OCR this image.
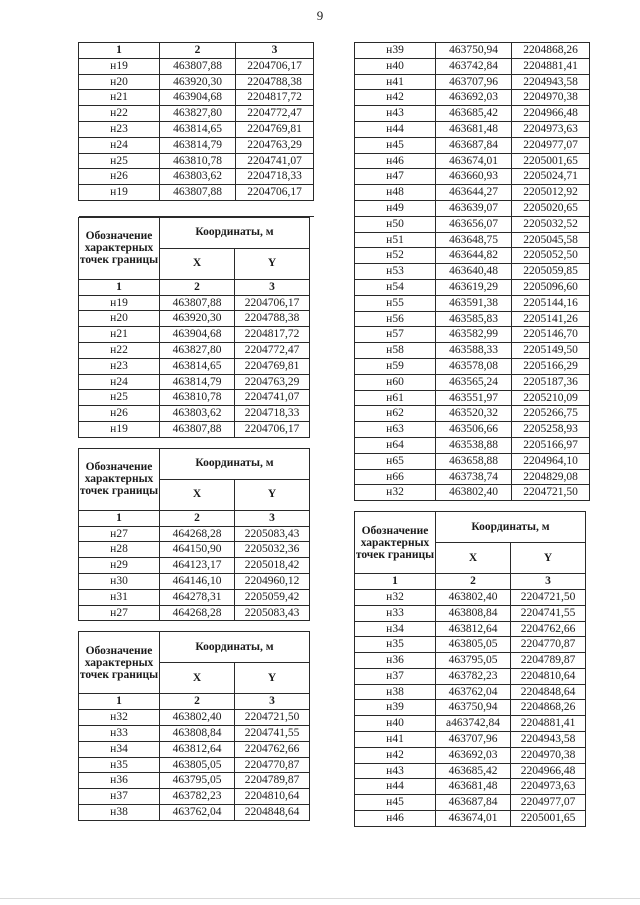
9
1	2	3
н19	463807,88	2204706,17
н20	463920,30	2204788,38
н21	463904,68	2204817,72
н22	463827,80	2204772,47
н23	463814,65	2204769,81
н24	463814,79	2204763,29
н25	463810,78	2204741,07
н26	463803,62	2204718,33
н19	463807,88	2204706,17

Обозначение характерных точек границы	Координаты, м	
	X	Y
1	2	3
н19	463807,88	2204706,17
н20	463920,30	2204788,38
н21	463904,68	2204817,72
н22	463827,80	2204772,47
н23	463814,65	2204769,81
н24	463814,79	2204763,29
н25	463810,78	2204741,07
н26	463803,62	2204718,33
н19	463807,88	2204706,17
Обозначение характерных точек границы	Координаты, м	
	X	Y
1	2	3
н27	464268,28	2205083,43
н28	464150,90	2205032,36
н29	464123,17	2205018,42
н30	464146,10	2204960,12
н31	464278,31	2205059,42
н27	464268,28	2205083,43
Обозначение характерных точек границы	Координаты, м	
	X	Y
1	2	3
н32	463802,40	2204721,50
н33	463808,84	2204741,55
н34	463812,64	2204762,66
н35	463805,05	2204770,87
н36	463795,05	2204789,87
н37	463782,23	2204810,64
н38	463762,04	2204848,64
н39	463750,94	2204868,26
н40	463742,84	2204881,41
н41	463707,96	2204943,58
н42	463692,03	2204970,38
н43	463685,42	2204966,48
н44	463681,48	2204973,63
н45	463687,84	2204977,07
н46	463674,01	2205001,65
н47	463660,93	2205024,71
н48	463644,27	2205012,92
н49	463639,07	2205020,65
н50	463656,07	2205032,52
н51	463648,75	2205045,58
н52	463644,82	2205052,50
н53	463640,48	2205059,85
н54	463619,29	2205096,60
н55	463591,38	2205144,16
н56	463585,83	2205141,26
н57	463582,99	2205146,70
н58	463588,33	2205149,50
н59	463578,08	2205166,29
н60	463565,24	2205187,36
н61	463551,97	2205210,09
н62	463520,32	2205266,75
н63	463506,66	2205258,93
н64	463538,88	2205166,97
н65	463658,88	2204964,10
н66	463738,74	2204829,08
н32	463802,40	2204721,50
Обозначение характерных точек границы	Координаты, м	
	X	Y
1	2	3
н32	463802,40	2204721,50
н33	463808,84	2204741,55
н34	463812,64	2204762,66
н35	463805,05	2204770,87
н36	463795,05	2204789,87
н37	463782,23	2204810,64
н38	463762,04	2204848,64
н39	463750,94	2204868,26
н40	а463742,84	2204881,41
н41	463707,96	2204943,58
н42	463692,03	2204970,38
н43	463685,42	2204966,48
н44	463681,48	2204973,63
н45	463687,84	2204977,07
н46	463674,01	2205001,65
